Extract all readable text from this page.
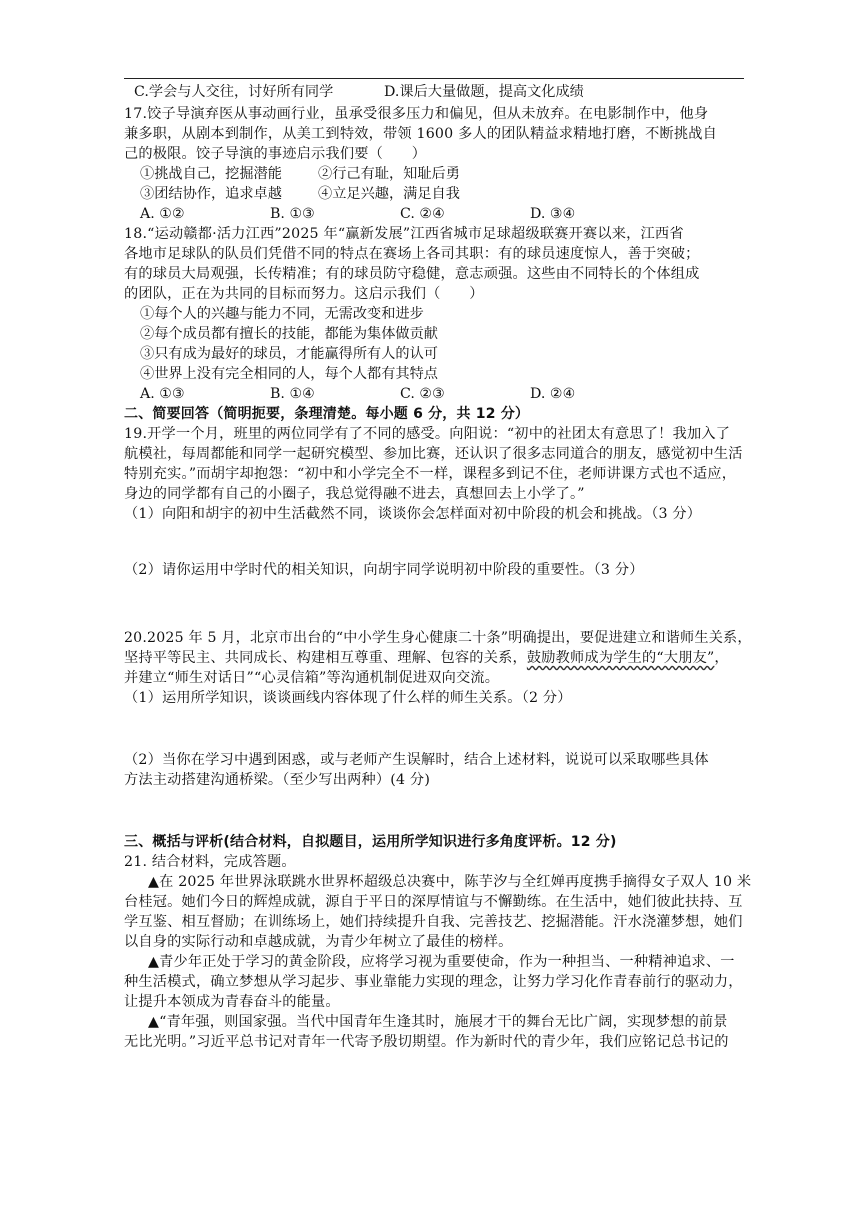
C.学会与人交往，讨好所有同学	D.课后大量做题，提高文化成绩
17.饺子导演弃医从事动画行业，虽承受很多压力和偏见，但从未放弃。在电影制作中，他身
兼多职，从剧本到制作，从美工到特效，带领 1600 多人的团队精益求精地打磨，不断挑战自
己的极限。饺子导演的事迹启示我们要（　　）
①挑战自己，挖掘潜能	②行己有耻，知耻后勇
③团结协作，追求卓越	④立足兴趣，满足自我
A. ①②	B. ①③	C. ②④	D. ③④
18.“运动赣都·活力江西”2025 年“赢新发展”江西省城市足球超级联赛开赛以来，江西省
各地市足球队的队员们凭借不同的特点在赛场上各司其职：有的球员速度惊人，善于突破；
有的球员大局观强，长传精准；有的球员防守稳健，意志顽强。这些由不同特长的个体组成
的团队，正在为共同的目标而努力。这启示我们（　　）
①每个人的兴趣与能力不同，无需改变和进步
②每个成员都有擅长的技能，都能为集体做贡献
③只有成为最好的球员，才能赢得所有人的认可
④世界上没有完全相同的人，每个人都有其特点
A. ①③	B. ①④	C. ②③	D. ②④
二、简要回答（简明扼要，条理清楚。每小题 6 分，共 12 分）
19.开学一个月，班里的两位同学有了不同的感受。向阳说：“初中的社团太有意思了！我加入了
航模社，每周都能和同学一起研究模型、参加比赛，还认识了很多志同道合的朋友，感觉初中生活
特别充实。”而胡宇却抱怨：“初中和小学完全不一样，课程多到记不住，老师讲课方式也不适应，
身边的同学都有自己的小圈子，我总觉得融不进去，真想回去上小学了。”
（1）向阳和胡宇的初中生活截然不同，谈谈你会怎样面对初中阶段的机会和挑战。（3 分）
（2）请你运用中学时代的相关知识，向胡宇同学说明初中阶段的重要性。（3 分）
20.2025 年 5 月，北京市出台的“中小学生身心健康二十条”明确提出，要促进建立和谐师生关系，
坚持平等民主、共同成长、构建相互尊重、理解、包容的关系，鼓励教师成为学生的“大朋友”，
并建立“师生对话日”“心灵信箱”等沟通机制促进双向交流。
（1）运用所学知识，谈谈画线内容体现了什么样的师生关系。（2 分）
（2）当你在学习中遇到困惑，或与老师产生误解时，结合上述材料，说说可以采取哪些具体
方法主动搭建沟通桥梁。（至少写出两种）(4 分)
三、概括与评析(结合材料，自拟题目，运用所学知识进行多角度评析。12 分)
21. 结合材料，完成答题。
▲在 2025 年世界泳联跳水世界杯超级总决赛中，陈芋汐与全红婵再度携手摘得女子双人 10 米
台桂冠。她们今日的辉煌成就，源自于平日的深厚情谊与不懈勤练。在生活中，她们彼此扶持、互
学互鉴、相互督励；在训练场上，她们持续提升自我、完善技艺、挖掘潜能。汗水浇灌梦想，她们
以自身的实际行动和卓越成就，为青少年树立了最佳的榜样。
▲青少年正处于学习的黄金阶段，应将学习视为重要使命，作为一种担当、一种精神追求、一
种生活模式，确立梦想从学习起步、事业靠能力实现的理念，让努力学习化作青春前行的驱动力，
让提升本领成为青春奋斗的能量。
▲“青年强，则国家强。当代中国青年生逢其时，施展才干的舞台无比广阔，实现梦想的前景
无比光明。”习近平总书记对青年一代寄予殷切期望。作为新时代的青少年，我们应铭记总书记的
